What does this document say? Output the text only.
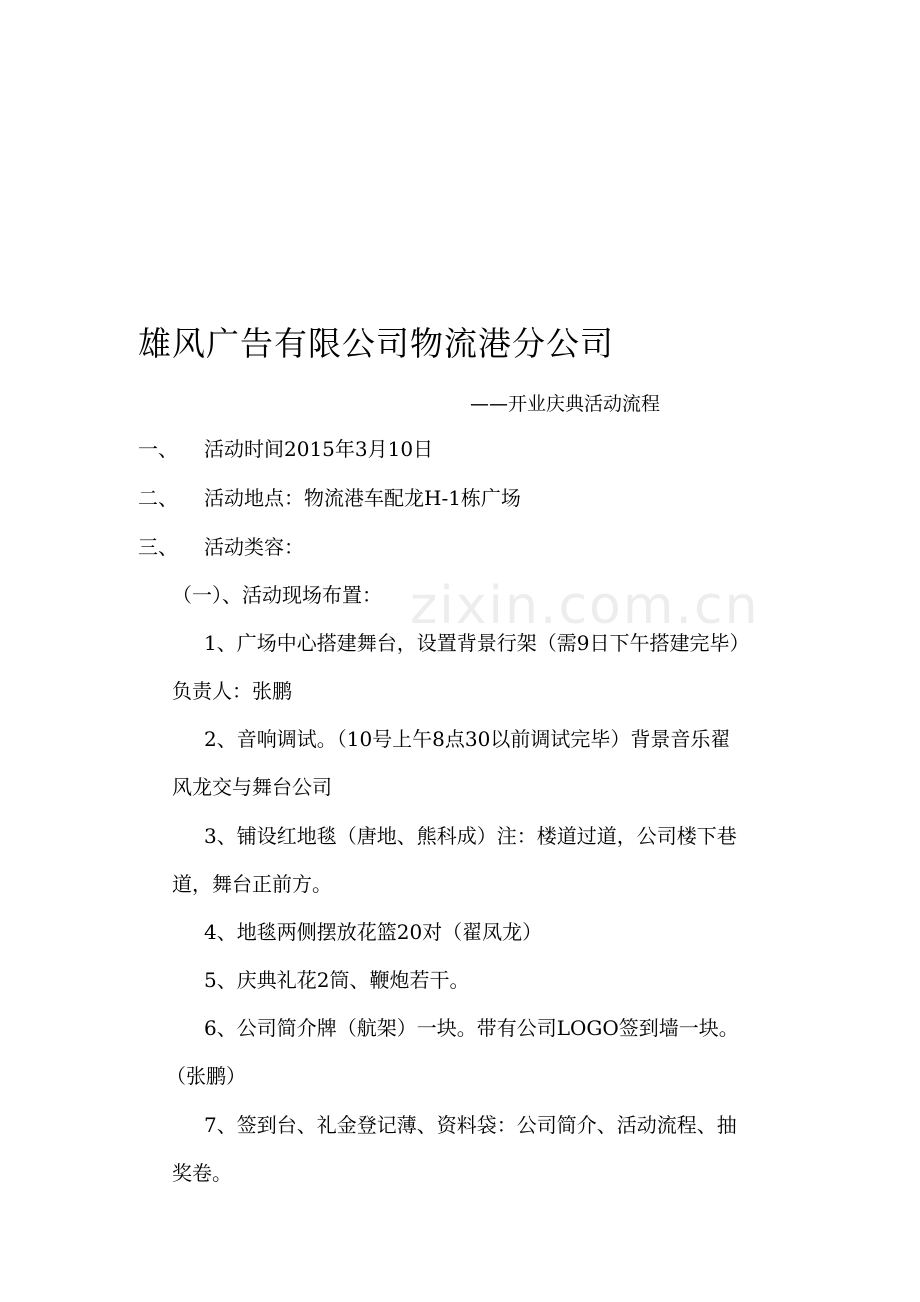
zixin.com.cn
雄风广告有限公司物流港分公司
——开业庆典活动流程
一、 活动时间2015年3月10日
二、 活动地点：物流港车配龙H-1栋广场
三、 活动类容：
（一）、活动现场布置：
1、广场中心搭建舞台，设置背景行架（需9日下午搭建完毕）
负责人：张鹏
2、音响调试。（10号上午8点30以前调试完毕）背景音乐翟
风龙交与舞台公司
3、铺设红地毯（唐地、熊科成）注：楼道过道，公司楼下巷
道，舞台正前方。
4、地毯两侧摆放花篮20对（翟凤龙）
5、庆典礼花2筒、鞭炮若干。
6、公司简介牌（航架）一块。带有公司LOGO签到墙一块。
（张鹏）
7、签到台、礼金登记薄、资料袋：公司简介、活动流程、抽
奖卷。
